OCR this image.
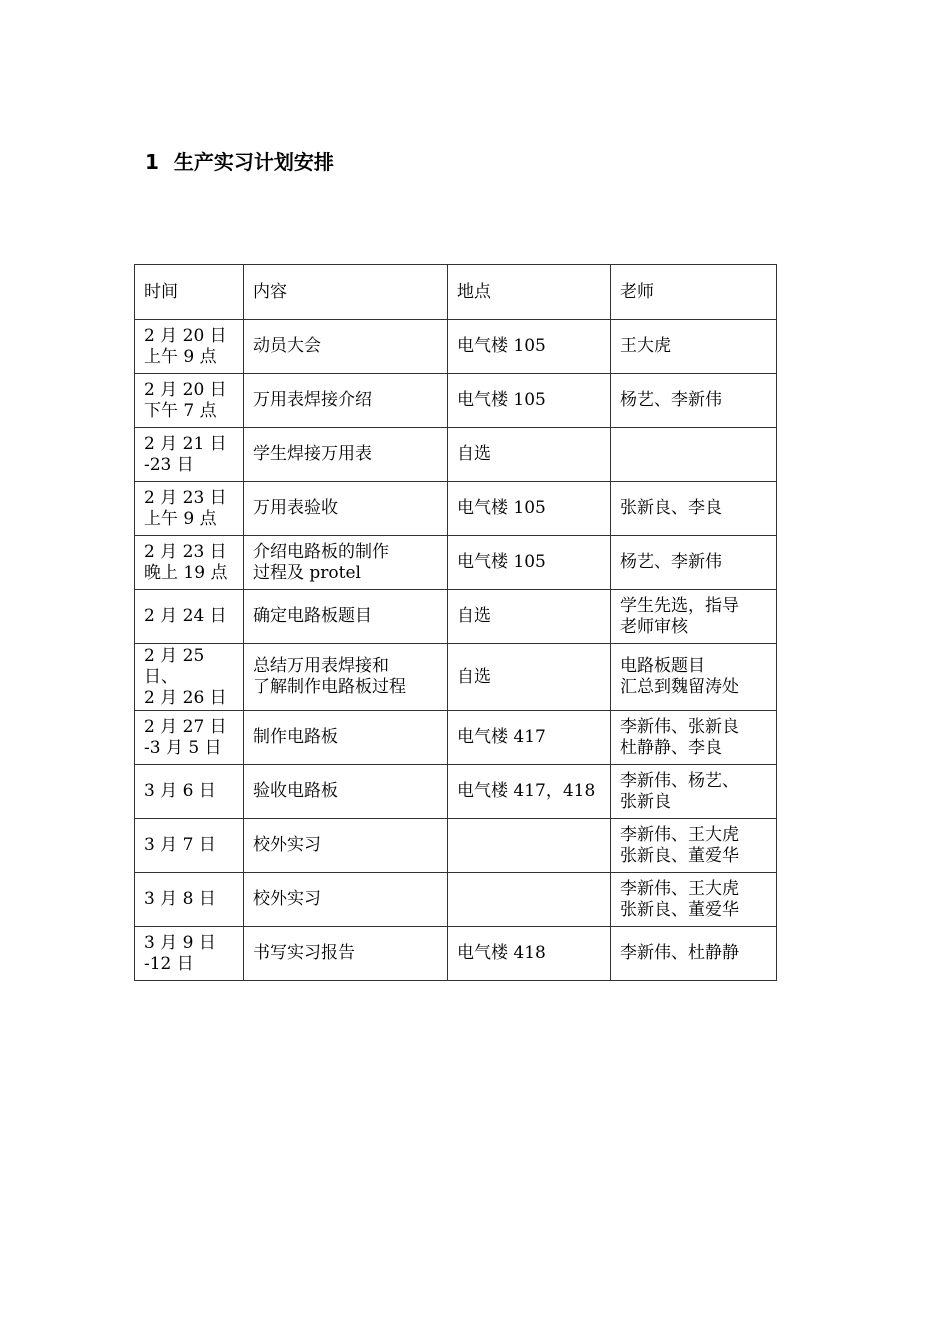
1 生产实习计划安排
时间	内容	地点	老师
2 月 20 日
上午 9 点	动员大会	电气楼 105	王大虎
2 月 20 日
下午 7 点	万用表焊接介绍	电气楼 105	杨艺、李新伟
2 月 21 日
-23 日	学生焊接万用表	自选	
2 月 23 日
上午 9 点	万用表验收	电气楼 105	张新良、李良
2 月 23 日
晚上 19 点	介绍电路板的制作
过程及 protel	电气楼 105	杨艺、李新伟
2 月 24 日	确定电路板题目	自选	学生先选，指导
老师审核
2 月 25 日、
2 月 26 日	总结万用表焊接和
了解制作电路板过程	自选	电路板题目
汇总到魏留涛处
2 月 27 日
-3 月 5 日	制作电路板	电气楼 417	李新伟、张新良
杜静静、李良
3 月 6 日	验收电路板	电气楼 417，418	李新伟、杨艺、
张新良
3 月 7 日	校外实习		李新伟、王大虎
张新良、董爱华
3 月 8 日	校外实习		李新伟、王大虎
张新良、董爱华
3 月 9 日
-12 日	书写实习报告	电气楼 418	李新伟、杜静静
